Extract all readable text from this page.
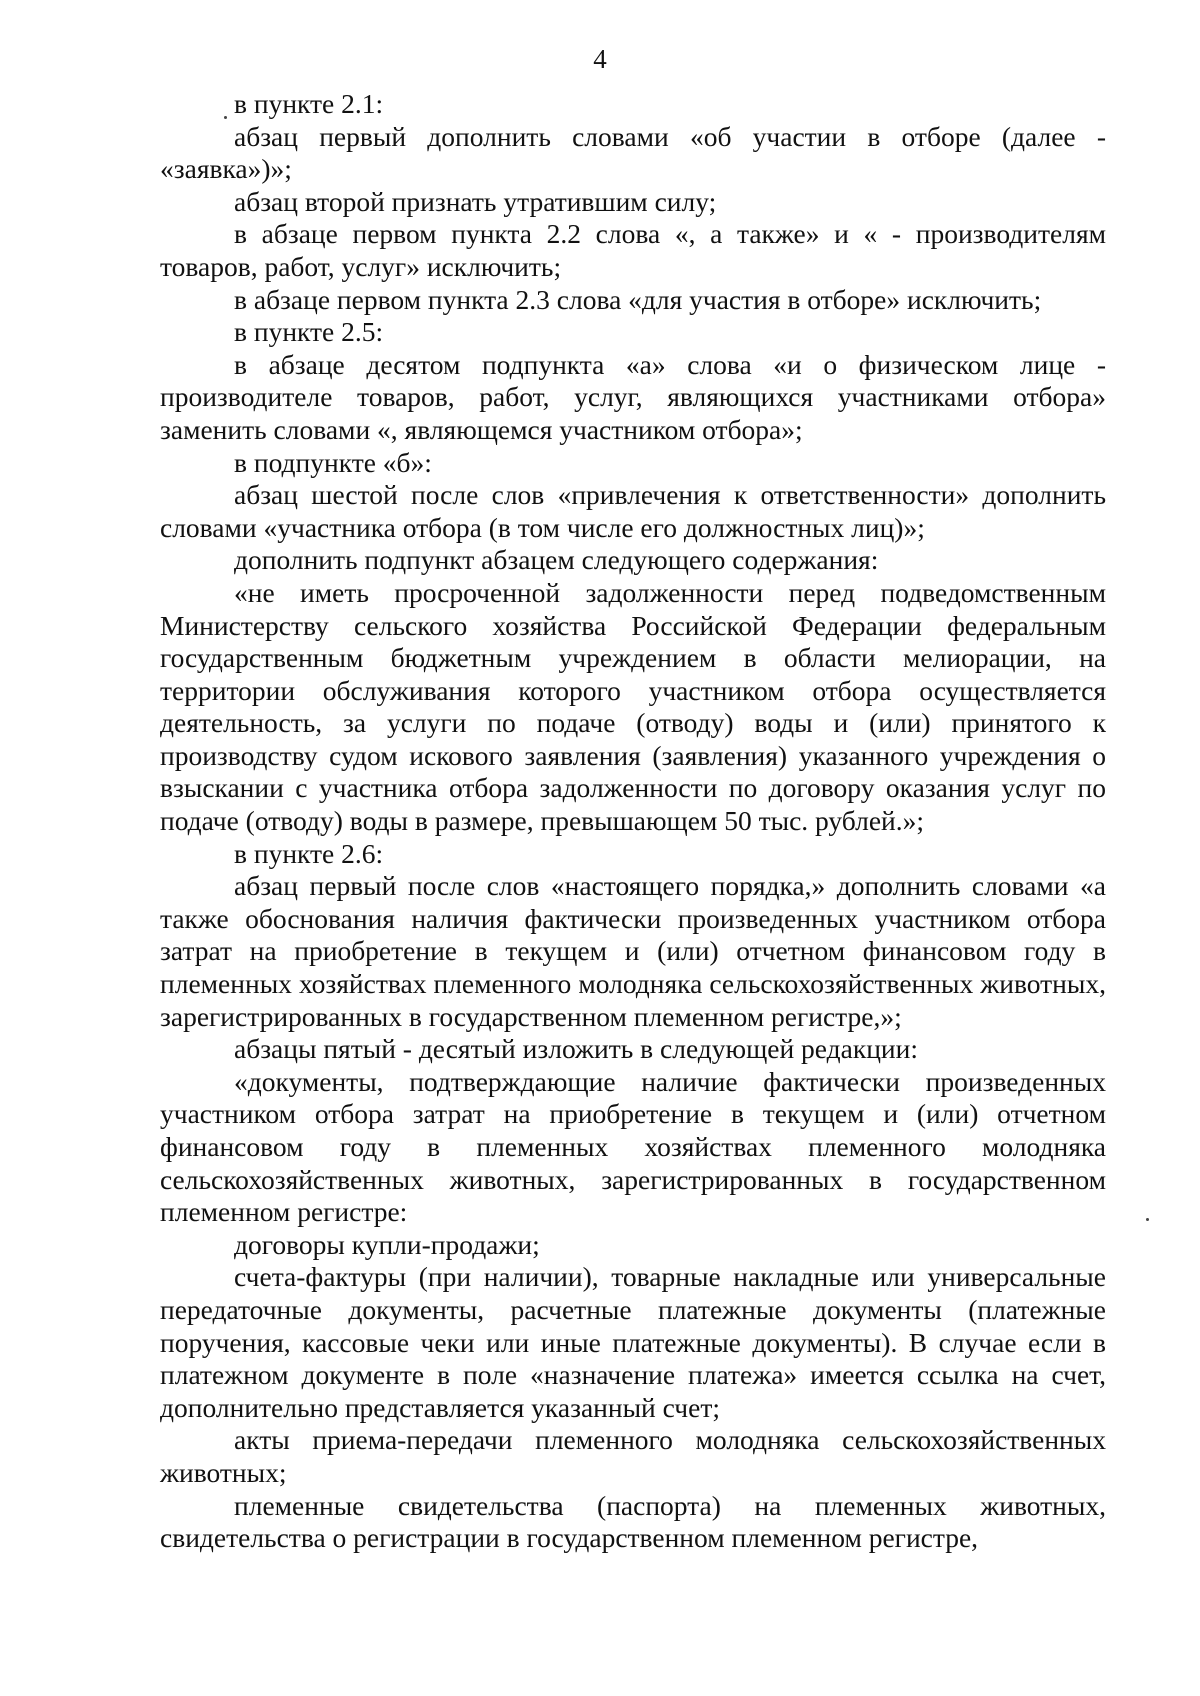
4

в пункте 2.1:

абзац первый дополнить словами «об участии в отборе (далее - «заявка»)»;

абзац второй признать утратившим силу;

в абзаце первом пункта 2.2 слова «, а также» и « - производителям товаров, работ, услуг» исключить;

в абзаце первом пункта 2.3 слова «для участия в отборе» исключить;

в пункте 2.5:

в абзаце десятом подпункта «а» слова «и о физическом лице - производителе товаров, работ, услуг, являющихся участниками отбора» заменить словами «, являющемся участником отбора»;

в подпункте «б»:

абзац шестой после слов «привлечения к ответственности» дополнить словами «участника отбора (в том числе его должностных лиц)»;

дополнить подпункт абзацем следующего содержания:

«не иметь просроченной задолженности перед подведомственным Министерству сельского хозяйства Российской Федерации федеральным государственным бюджетным учреждением в области мелиорации, на территории обслуживания которого участником отбора осуществляется деятельность, за услуги по подаче (отводу) воды и (или) принятого к производству судом искового заявления (заявления) указанного учреждения о взыскании с участника отбора задолженности по договору оказания услуг по подаче (отводу) воды в размере, превышающем 50 тыс. рублей.»;

в пункте 2.6:

абзац первый после слов «настоящего порядка,» дополнить словами «а также обоснования наличия фактически произведенных участником отбора затрат на приобретение в текущем и (или) отчетном финансовом году в племенных хозяйствах племенного молодняка сельскохозяйственных животных, зарегистрированных в государственном племенном регистре,»;

абзацы пятый - десятый изложить в следующей редакции:

«документы, подтверждающие наличие фактически произведенных участником отбора затрат на приобретение в текущем и (или) отчетном финансовом году в племенных хозяйствах племенного молодняка сельскохозяйственных животных, зарегистрированных в государственном племенном регистре:

договоры купли-продажи;

счета-фактуры (при наличии), товарные накладные или универсальные передаточные документы, расчетные платежные документы (платежные поручения, кассовые чеки или иные платежные документы). В случае если в платежном документе в поле «назначение платежа» имеется ссылка на счет, дополнительно представляется указанный счет;

акты приема-передачи племенного молодняка сельскохозяйственных животных;

племенные свидетельства (паспорта) на племенных животных, свидетельства о регистрации в государственном племенном регистре,
